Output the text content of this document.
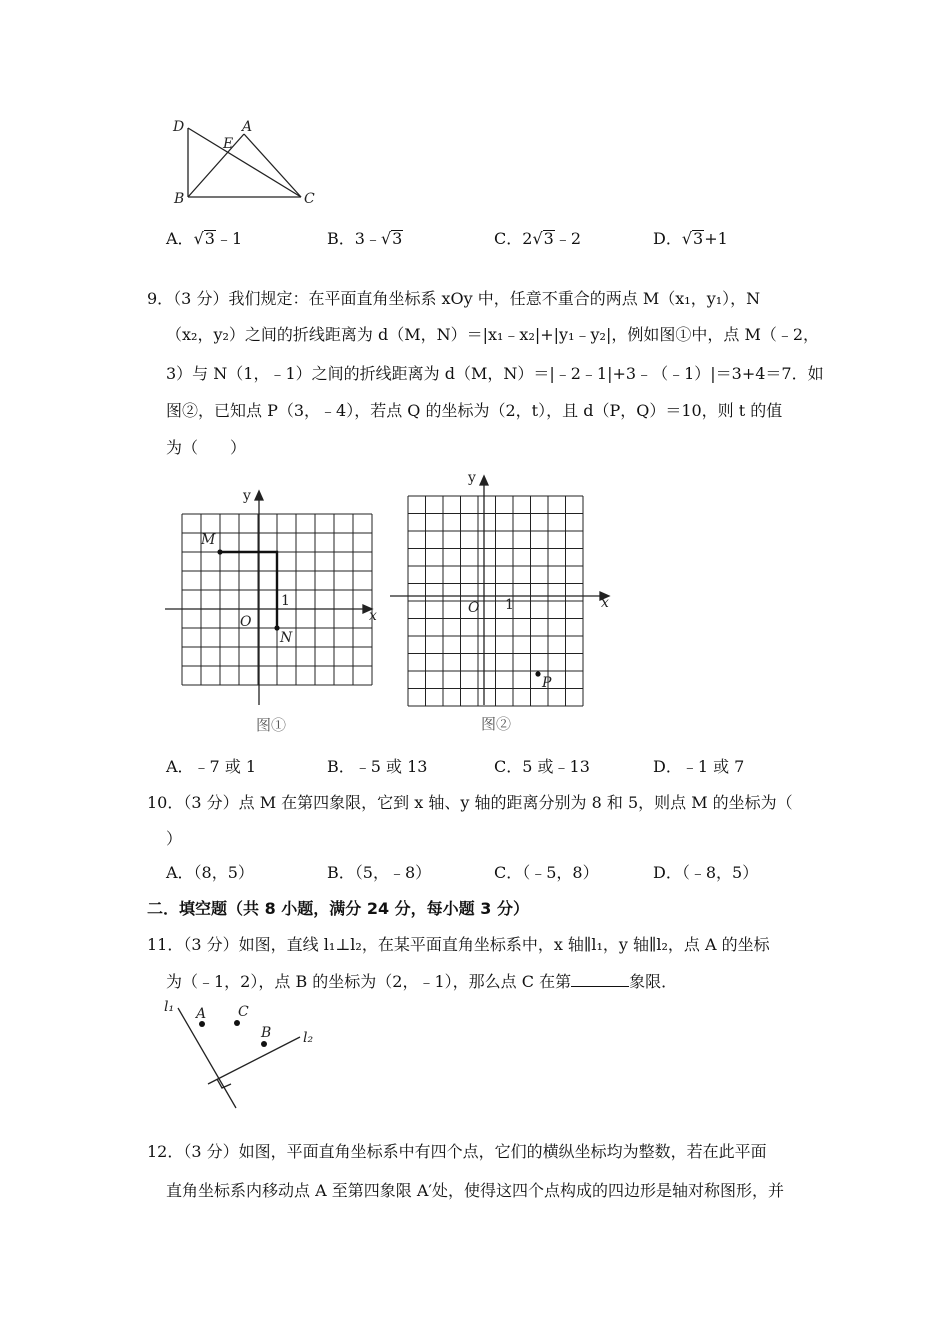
D	A
E
B	C
A．√3﹣1	B．3﹣√3	C．2√3﹣2	D．√3+1
9．（3 分）我们规定：在平面直角坐标系 xOy 中，任意不重合的两点 M（x₁，y₁），N
（x₂，y₂）之间的折线距离为 d（M，N）＝|x₁﹣x₂|+|y₁﹣y₂|，例如图①中，点 M（﹣2，
3）与 N（1，﹣1）之间的折线距离为 d（M，N）＝|﹣2﹣1|+3﹣（﹣1）|＝3+4＝7．如
图②，已知点 P（3，﹣4），若点 Q 的坐标为（2，t），且 d（P，Q）＝10，则 t 的值
为（　　）
y
x
O
1
M
N
图①
y
x
O 1
P
图②
A．﹣7 或 1	B．﹣5 或 13	C．5 或﹣13	D．﹣1 或 7
10．（3 分）点 M 在第四象限，它到 x 轴、y 轴的距离分别为 8 和 5，则点 M 的坐标为（
）
A．（8，5）	B．（5，﹣8）	C．（﹣5，8）	D．（﹣8，5）
二．填空题（共 8 小题，满分 24 分，每小题 3 分）
11．（3 分）如图，直线 l₁⊥l₂，在某平面直角坐标系中，x 轴∥l₁，y 轴∥l₂，点 A 的坐标
为（﹣1，2），点 B 的坐标为（2，﹣1），那么点 C 在第	象限．
l₁ A C
B l₂
12．（3 分）如图，平面直角坐标系中有四个点，它们的横纵坐标均为整数，若在此平面
直角坐标系内移动点 A 至第四象限 A′处，使得这四个点构成的四边形是轴对称图形，并
